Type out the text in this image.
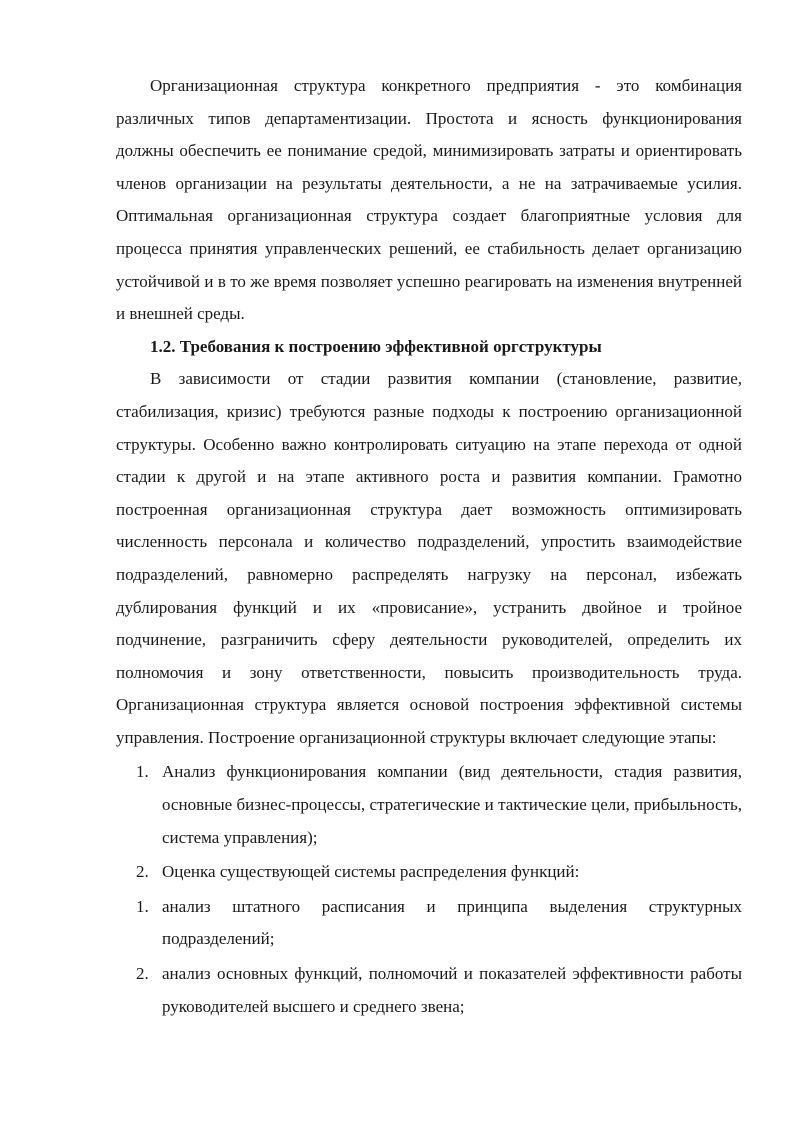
Организационная структура конкретного предприятия - это комбинация различных типов департаментизации. Простота и ясность функционирования должны обеспечить ее понимание средой, минимизировать затраты и ориентировать членов организации на результаты деятельности, а не на затрачиваемые усилия. Оптимальная организационная структура создает благоприятные условия для процесса принятия управленческих решений, ее стабильность делает организацию устойчивой и в то же время позволяет успешно реагировать на изменения внутренней и внешней среды.

1.2. Требования к построению эффективной оргструктуры

В зависимости от стадии развития компании (становление, развитие, стабилизация, кризис) требуются разные подходы к построению организационной структуры. Особенно важно контролировать ситуацию на этапе перехода от одной стадии к другой и на этапе активного роста и развития компании. Грамотно построенная организационная структура дает возможность оптимизировать численность персонала и количество подразделений, упростить взаимодействие подразделений, равномерно распределять нагрузку на персонал, избежать дублирования функций и их «провисание», устранить двойное и тройное подчинение, разграничить сферу деятельности руководителей, определить их полномочия и зону ответственности, повысить производительность труда. Организационная структура является основой построения эффективной системы управления. Построение организационной структуры включает следующие этапы:

1. Анализ функционирования компании (вид деятельности, стадия развития, основные бизнес-процессы, стратегические и тактические цели, прибыльность, система управления);
2. Оценка существующей системы распределения функций:
1. анализ штатного расписания и принципа выделения структурных подразделений;
2. анализ основных функций, полномочий и показателей эффективности работы руководителей высшего и среднего звена;
